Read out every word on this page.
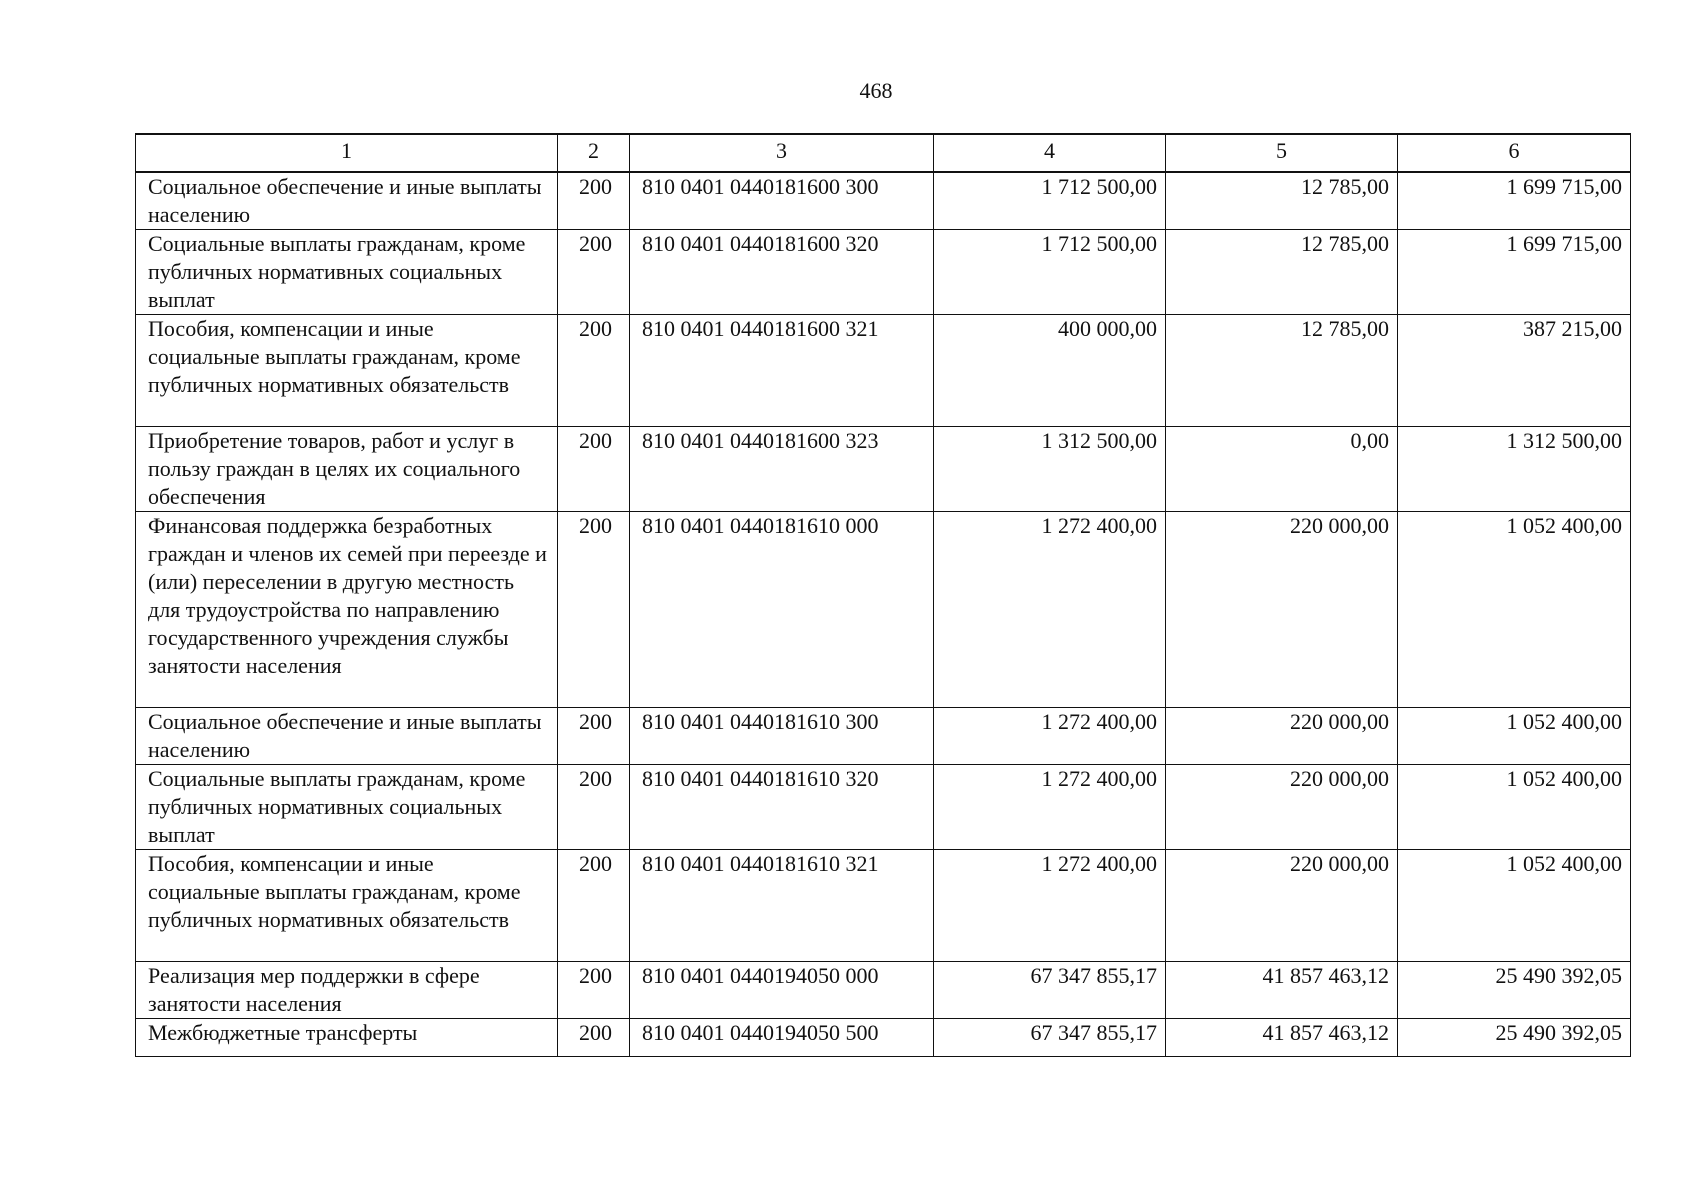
468
1	2	3	4	5	6
Социальное обеспечение и иные выплаты населению	200	810 0401 0440181600 300	1 712 500,00	12 785,00	1 699 715,00
Социальные выплаты гражданам, кроме публичных нормативных социальных выплат	200	810 0401 0440181600 320	1 712 500,00	12 785,00	1 699 715,00
Пособия, компенсации и иные социальные выплаты гражданам, кроме публичных нормативных обязательств	200	810 0401 0440181600 321	400 000,00	12 785,00	387 215,00
Приобретение товаров, работ и услуг в пользу граждан в целях их социального обеспечения	200	810 0401 0440181600 323	1 312 500,00	0,00	1 312 500,00
Финансовая поддержка безработных граждан и членов их семей при переезде и (или) переселении в другую местность для трудоустройства по направлению государственного учреждения службы занятости населения	200	810 0401 0440181610 000	1 272 400,00	220 000,00	1 052 400,00
Социальное обеспечение и иные выплаты населению	200	810 0401 0440181610 300	1 272 400,00	220 000,00	1 052 400,00
Социальные выплаты гражданам, кроме публичных нормативных социальных выплат	200	810 0401 0440181610 320	1 272 400,00	220 000,00	1 052 400,00
Пособия, компенсации и иные социальные выплаты гражданам, кроме публичных нормативных обязательств	200	810 0401 0440181610 321	1 272 400,00	220 000,00	1 052 400,00
Реализация мер поддержки в сфере занятости населения	200	810 0401 0440194050 000	67 347 855,17	41 857 463,12	25 490 392,05
Межбюджетные трансферты	200	810 0401 0440194050 500	67 347 855,17	41 857 463,12	25 490 392,05
